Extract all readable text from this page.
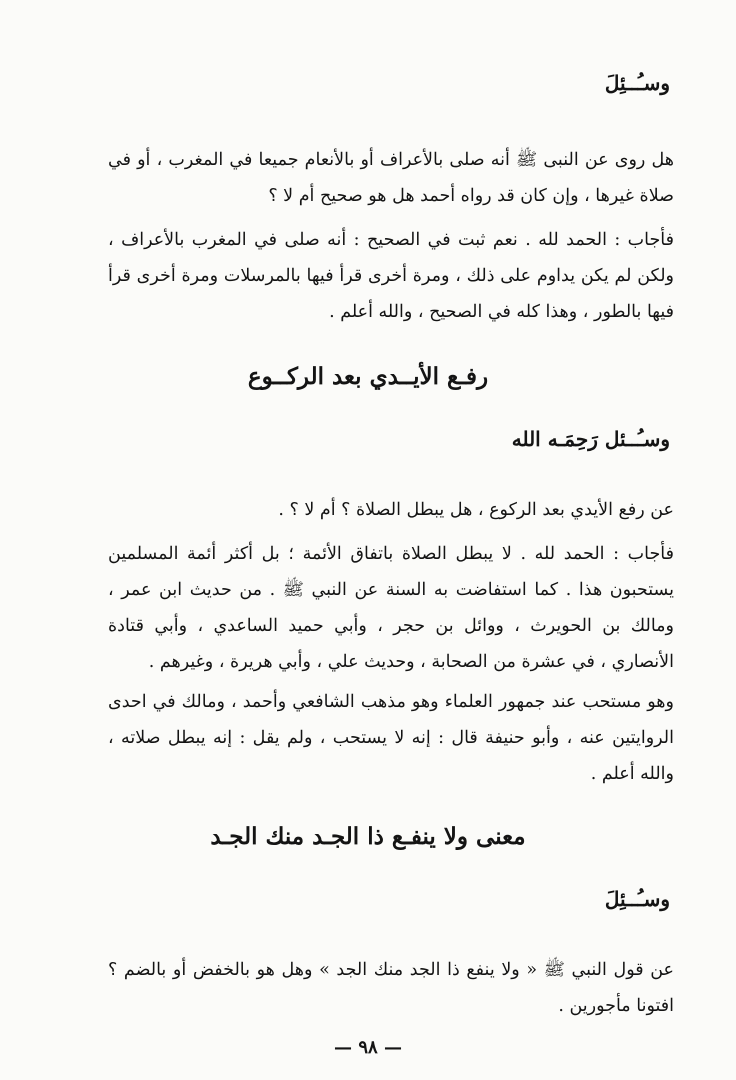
وسـُــئِلَ
هل روى عن النبى ﷺ أنه صلى بالأعراف أو بالأنعام جميعا في المغرب ، أو في صلاة غيرها ، وإن كان قد رواه أحمد هل هو صحيح أم لا ؟
فأجاب : الحمد لله . نعم ثبت في الصحيح : أنه صلى في المغرب بالأعراف ، ولكن لم يكن يداوم على ذلك ، ومرة أخرى قرأ فيها بالمرسلات ومرة أخرى قرأ فيها بالطور ، وهذا كله في الصحيح ، والله أعلم .
رفـع الأيــدي بعد الركــوع
وسـُــئل رَحِمَـه الله
عن رفع الأيدي بعد الركوع ، هل يبطل الصلاة ؟ أم لا ؟ .
فأجاب : الحمد لله . لا يبطل الصلاة باتفاق الأئمة ؛ بل أكثر أئمة المسلمين يستحبون هذا . كما استفاضت به السنة عن النبي ﷺ . من حديث ابن عمر ، ومالك بن الحويرث ، ووائل بن حجر ، وأبي حميد الساعدي ، وأبي قتادة الأنصاري ، في عشرة من الصحابة ، وحديث علي ، وأبي هريرة ، وغيرهم .
وهو مستحب عند جمهور العلماء وهو مذهب الشافعي وأحمد ، ومالك في احدى الروايتين عنه ، وأبو حنيفة قال : إنه لا يستحب ، ولم يقل : إنه يبطل صلاته ، والله أعلم .
معنى ولا ينفـع ذا الجـد منك الجـد
وسـُــئِلَ
عن قول النبي ﷺ « ولا ينفع ذا الجد منك الجد » وهل هو بالخفض أو بالضم ؟ افتونا مأجورين .
— ٩٨ —
